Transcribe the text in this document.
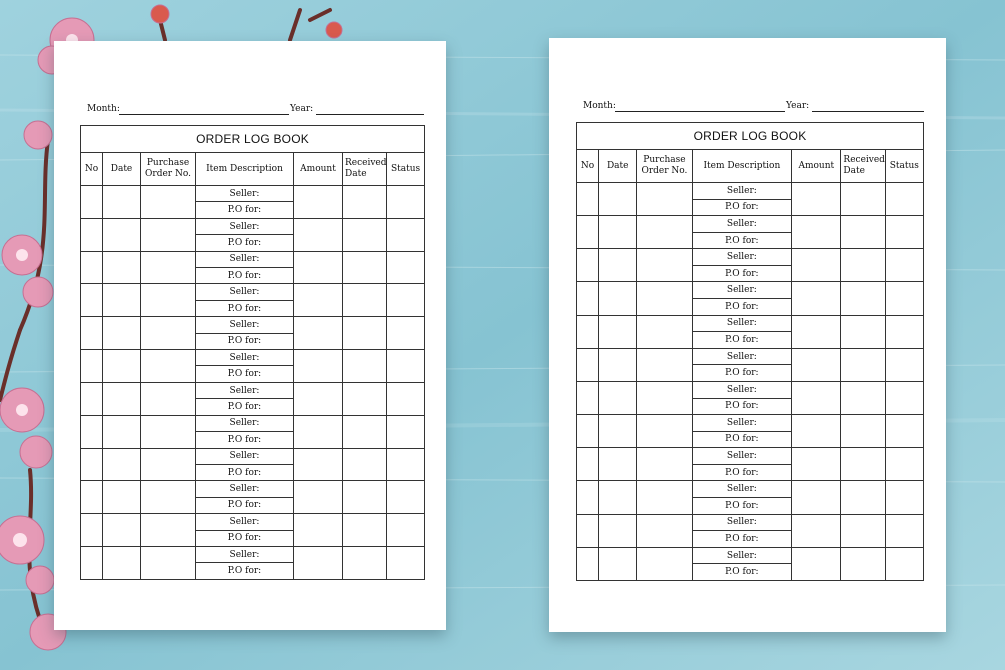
Month:	Year:
ORDER LOG BOOK						
No	Date	Purchase Order No.	Item Description	Amount	Received Date	Status
			Seller:			
			P.O for:			
			Seller:			
			P.O for:			
			Seller:			
			P.O for:			
			Seller:			
			P.O for:			
			Seller:			
			P.O for:			
			Seller:			
			P.O for:			
			Seller:			
			P.O for:			
			Seller:			
			P.O for:			
			Seller:			
			P.O for:			
			Seller:			
			P.O for:			
			Seller:			
			P.O for:			
			Seller:			
			P.O for:			
Month:	Year:
ORDER LOG BOOK						
No	Date	Purchase Order No.	Item Description	Amount	Received Date	Status
			Seller:			
			P.O for:			
			Seller:			
			P.O for:			
			Seller:			
			P.O for:			
			Seller:			
			P.O for:			
			Seller:			
			P.O for:			
			Seller:			
			P.O for:			
			Seller:			
			P.O for:			
			Seller:			
			P.O for:			
			Seller:			
			P.O for:			
			Seller:			
			P.O for:			
			Seller:			
			P.O for:			
			Seller:			
			P.O for:			
